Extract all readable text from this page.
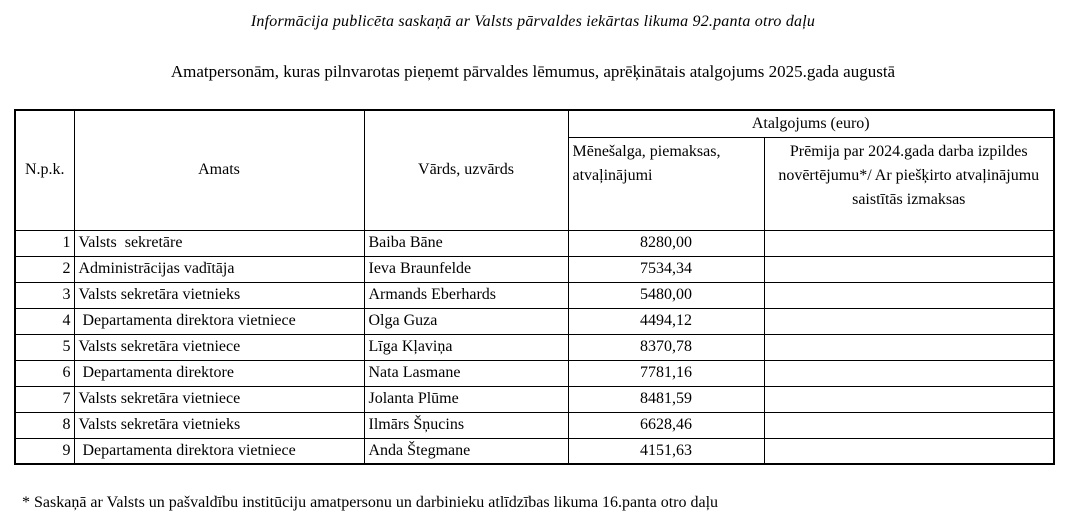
Informācija publicēta saskaņā ar Valsts pārvaldes iekārtas likuma 92.panta otro daļu
Amatpersonām, kuras pilnvarotas pieņemt pārvaldes lēmumus, aprēķinātais atalgojums 2025.gada augustā
N.p.k.	Amats	Vārds, uzvārds	Atalgojums (euro)	
			Mēnešalga, piemaksas, atvaļinājumi	Prēmija par 2024.gada darba izpildes novērtējumu*/ Ar piešķirto atvaļinājumu saistītās izmaksas
1	Valsts  sekretāre	Baiba Bāne	8280,00	
2	Administrācijas vadītāja	Ieva Braunfelde	7534,34	
3	Valsts sekretāra vietnieks	Armands Eberhards	5480,00	
4	Departamenta direktora vietniece	Olga Guza	4494,12	
5	Valsts sekretāra vietniece	Līga Kļaviņa	8370,78	
6	Departamenta direktore	Nata Lasmane	7781,16	
7	Valsts sekretāra vietniece	Jolanta Plūme	8481,59	
8	Valsts sekretāra vietnieks	Ilmārs Šņucins	6628,46	
9	Departamenta direktora vietniece	Anda Štegmane	4151,63	
* Saskaņā ar Valsts un pašvaldību institūciju amatpersonu un darbinieku atlīdzības likuma 16.panta otro daļu
